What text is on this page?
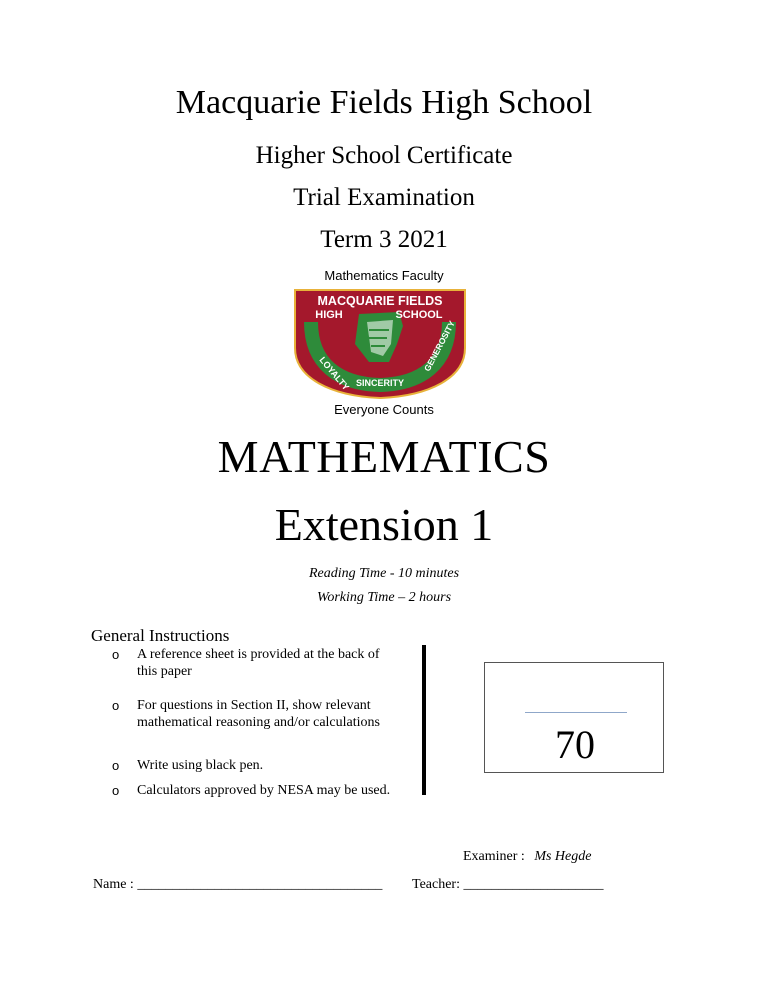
Macquarie Fields High School
Higher School Certificate
Trial Examination
Term 3 2021
Mathematics Faculty
MACQUARIE FIELDS
HIGH	SCHOOL
LOYALTY SINCERITY
GENEROSITY
Everyone Counts
MATHEMATICS
Extension 1
Reading Time - 10 minutes
Working Time – 2 hours
General Instructions
o A reference sheet is provided at the back of this paper
o For questions in Section II, show relevant mathematical reasoning and/or calculations
o Write using black pen.
o Calculators approved by NESA may be used.
70
Examiner : Ms Hegde
Name : ___________________________________ Teacher: ____________________
